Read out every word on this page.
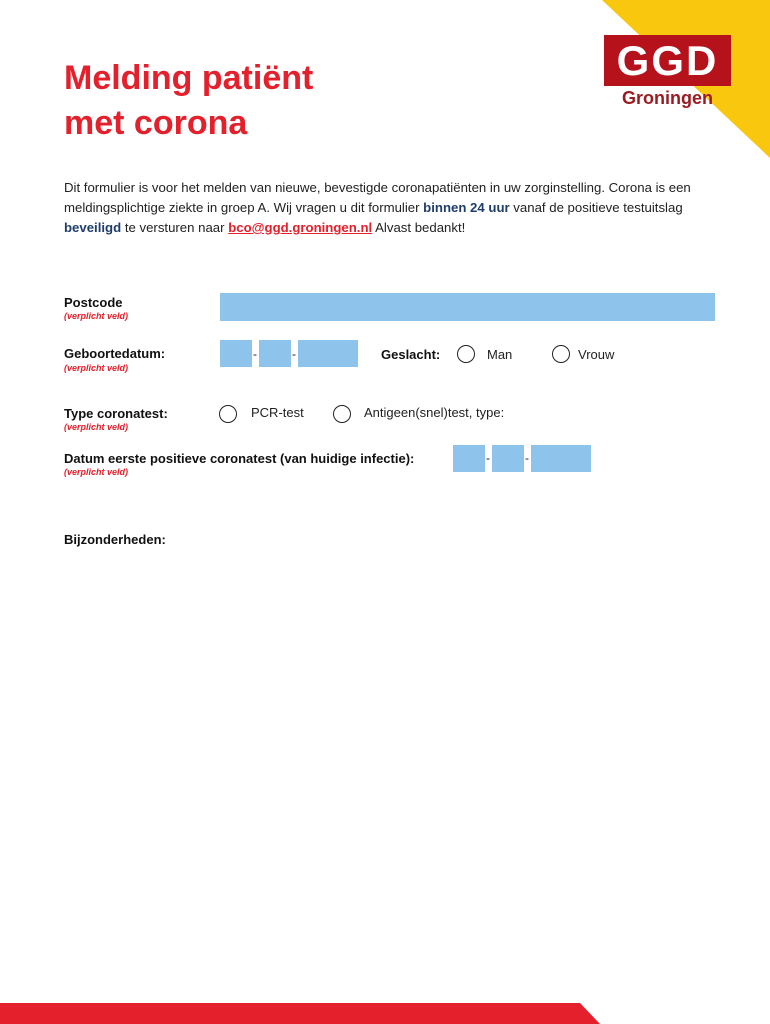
GGD
Groningen
Melding patiënt
met corona

Dit formulier is voor het melden van nieuwe, bevestigde coronapatiënten in uw zorginstelling. Corona is een meldingsplichtige ziekte in groep A. Wij vragen u dit formulier binnen 24 uur vanaf de positieve testuitslag beveiligd te versturen naar bco@ggd.groningen.nl Alvast bedankt!

Postcode
(verplicht veld)
Geboortedatum:
(verplicht veld)
-	-	Geslacht:	Man	Vrouw
Type coronatest:
(verplicht veld)
PCR-test	Antigeen(snel)test, type:
Datum eerste positieve coronatest (van huidige infectie):
(verplicht veld)
-	-
Bijzonderheden:
